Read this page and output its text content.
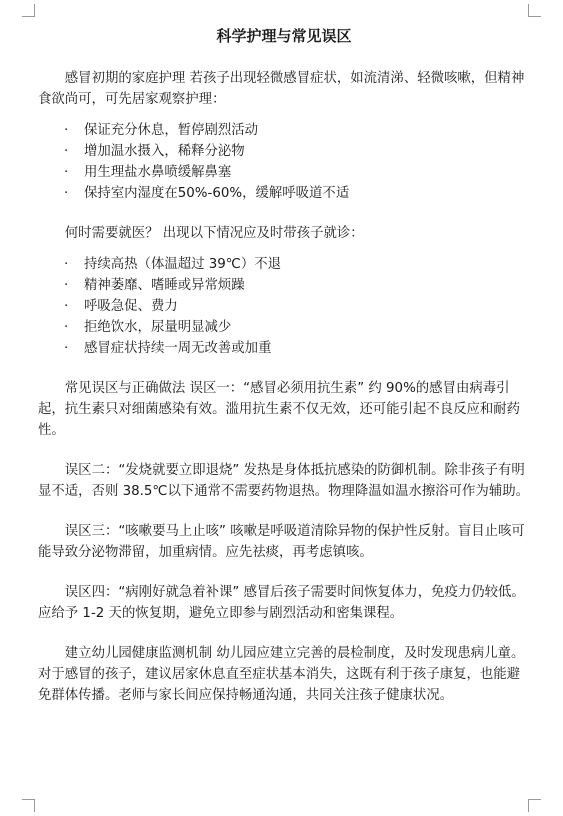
科学护理与常见误区

感冒初期的家庭护理 若孩子出现轻微感冒症状，如流清涕、轻微咳嗽，但精神食欲尚可，可先居家观察护理：

· 保证充分休息，暂停剧烈活动
· 增加温水摄入，稀释分泌物
· 用生理盐水鼻喷缓解鼻塞
· 保持室内湿度在50%-60%，缓解呼吸道不适

何时需要就医？ 出现以下情况应及时带孩子就诊：

· 持续高热（体温超过 39℃）不退
· 精神萎靡、嗜睡或异常烦躁
· 呼吸急促、费力
· 拒绝饮水，尿量明显减少
· 感冒症状持续一周无改善或加重

常见误区与正确做法 误区一：“感冒必须用抗生素” 约 90%的感冒由病毒引起，抗生素只对细菌感染有效。滥用抗生素不仅无效，还可能引起不良反应和耐药性。

误区二：“发烧就要立即退烧” 发热是身体抵抗感染的防御机制。除非孩子有明显不适，否则 38.5℃以下通常不需要药物退热。物理降温如温水擦浴可作为辅助。

误区三：“咳嗽要马上止咳” 咳嗽是呼吸道清除异物的保护性反射。盲目止咳可能导致分泌物滞留，加重病情。应先祛痰，再考虑镇咳。

误区四：“病刚好就急着补课” 感冒后孩子需要时间恢复体力，免疫力仍较低。应给予 1-2 天的恢复期，避免立即参与剧烈活动和密集课程。

建立幼儿园健康监测机制 幼儿园应建立完善的晨检制度，及时发现患病儿童。对于感冒的孩子，建议居家休息直至症状基本消失，这既有利于孩子康复，也能避免群体传播。老师与家长间应保持畅通沟通，共同关注孩子健康状况。
